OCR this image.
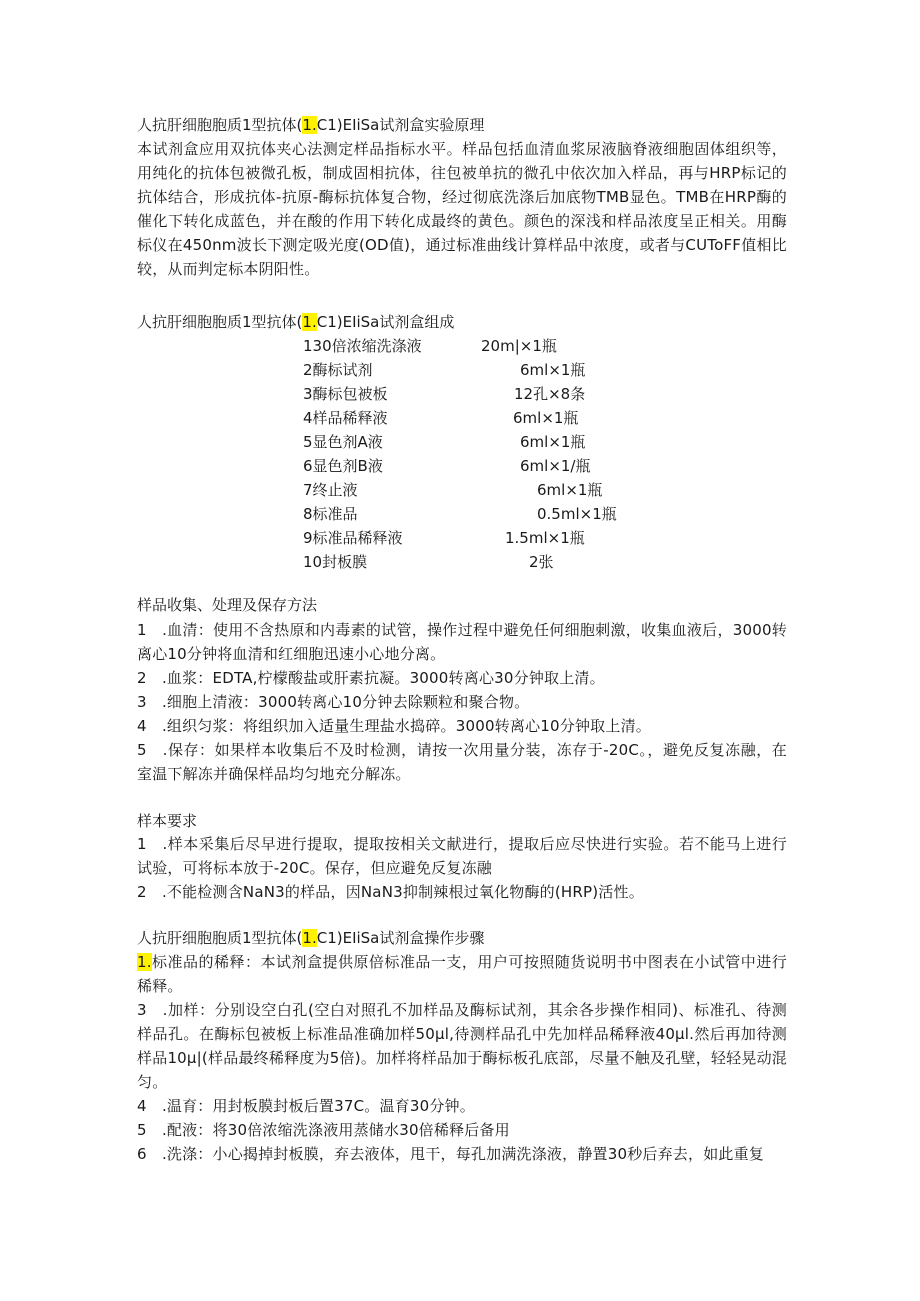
人抗肝细胞胞质1型抗体(1.C1)EIiSa试剂盒实验原理

本试剂盒应用双抗体夹心法测定样品指标水平。样品包括血清血浆尿液脑脊液细胞固体组织等，用纯化的抗体包被微孔板，制成固相抗体，往包被单抗的微孔中依次加入样品，再与HRP标记的抗体结合，形成抗体-抗原-酶标抗体复合物，经过彻底洗涤后加底物TMB显色。TMB在HRP酶的催化下转化成蓝色，并在酸的作用下转化成最终的黄色。颜色的深浅和样品浓度呈正相关。用酶标仪在450nm波长下测定吸光度(OD值)，通过标准曲线计算样品中浓度，或者与CUToFF值相比较，从而判定标本阴阳性。

人抗肝细胞胞质1型抗体(1.C1)EIiSa试剂盒组成
130倍浓缩洗涤液	20m|×1瓶
2酶标试剂	6ml×1瓶
3酶标包被板	12孔×8条
4样品稀释液	6ml×1瓶
5显色剂A液	6ml×1瓶
6显色剂B液	6ml×1/瓶
7终止液	6ml×1瓶
8标准品	0.5ml×1瓶
9标准品稀释液	1.5ml×1瓶
10封板膜	2张
样品收集、处理及保存方法

1　.血清：使用不含热原和内毒素的试管，操作过程中避免任何细胞刺激，收集血液后，3000转离心10分钟将血清和红细胞迅速小心地分离。

2　.血浆：EDTA,柠檬酸盐或肝素抗凝。3000转离心30分钟取上清。

3　.细胞上清液：3000转离心10分钟去除颗粒和聚合物。

4　.组织匀浆：将组织加入适量生理盐水捣碎。3000转离心10分钟取上清。

5　.保存：如果样本收集后不及时检测，请按一次用量分装，冻存于-20C。，避免反复冻融，在室温下解冻并确保样品均匀地充分解冻。

样本要求

1　.样本采集后尽早进行提取，提取按相关文献进行，提取后应尽快进行实验。若不能马上进行试验，可将标本放于-20C。保存，但应避免反复冻融

2　.不能检测含NaN3的样品，因NaN3抑制辣根过氧化物酶的(HRP)活性。

人抗肝细胞胞质1型抗体(1.C1)EIiSa试剂盒操作步骤

1.标准品的稀释：本试剂盒提供原倍标准品一支，用户可按照随货说明书中图表在小试管中进行稀释。

3　.加样：分别设空白孔(空白对照孔不加样品及酶标试剂，其余各步操作相同)、标准孔、待测样品孔。在酶标包被板上标准品准确加样50μl,待测样品孔中先加样品稀释液40μl.然后再加待测样品10μ|(样品最终稀释度为5倍)。加样将样品加于酶标板孔底部，尽量不触及孔壁，轻轻晃动混匀。

4　.温育：用封板膜封板后置37C。温育30分钟。

5　.配液：将30倍浓缩洗涤液用蒸储水30倍稀释后备用

6　.洗涤：小心揭掉封板膜，弃去液体，甩干，每孔加满洗涤液，静置30秒后弃去，如此重复
